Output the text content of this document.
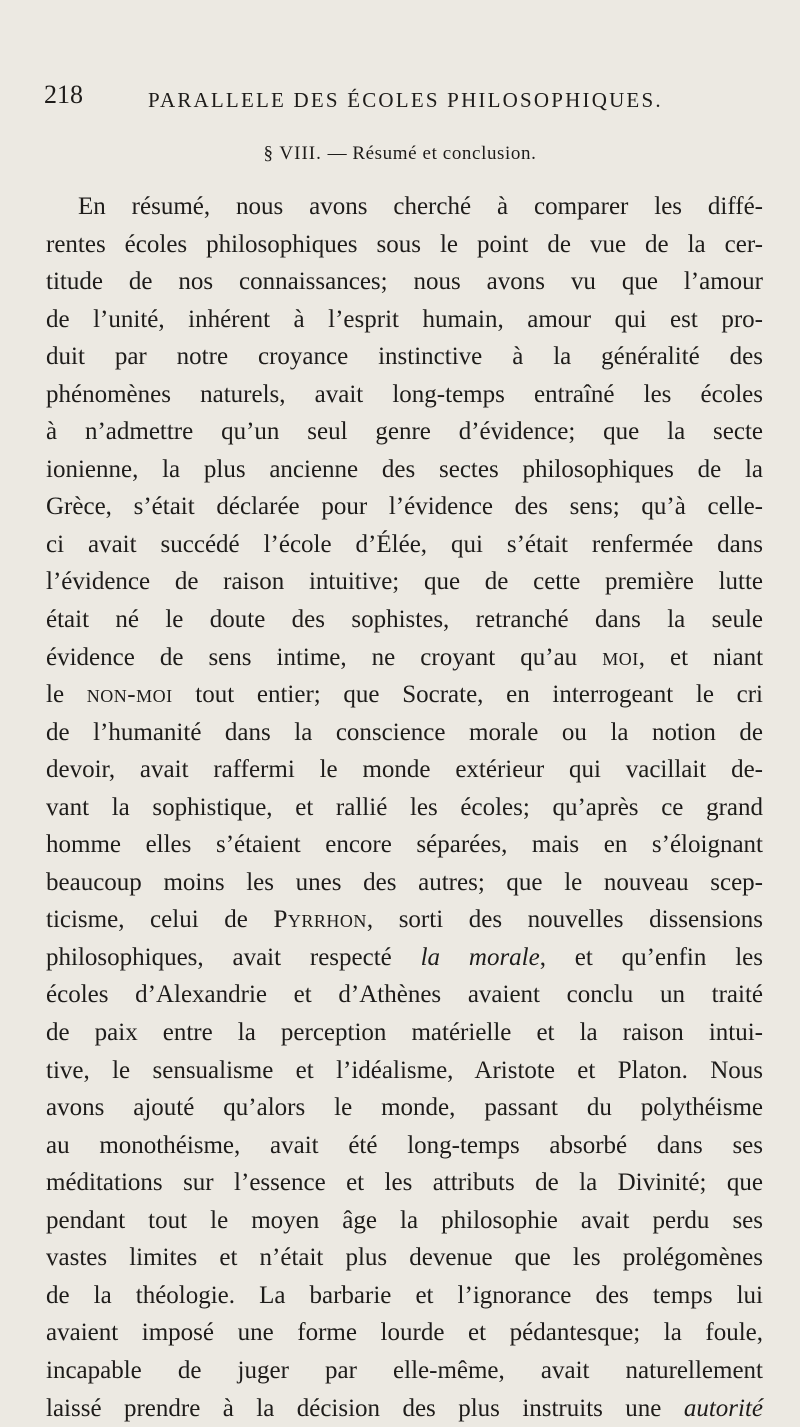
218	PARALLELE DES ÉCOLES PHILOSOPHIQUES.
§ VIII. — Résumé et conclusion.
En résumé, nous avons cherché à comparer les diffé-
rentes écoles philosophiques sous le point de vue de la cer-
titude de nos connaissances; nous avons vu que l’amour
de l’unité, inhérent à l’esprit humain, amour qui est pro-
duit par notre croyance instinctive à la généralité des
phénomènes naturels, avait long-temps entraîné les écoles
à n’admettre qu’un seul genre d’évidence; que la secte
ionienne, la plus ancienne des sectes philosophiques de la
Grèce, s’était déclarée pour l’évidence des sens; qu’à celle-
ci avait succédé l’école d’Élée, qui s’était renfermée dans
l’évidence de raison intuitive; que de cette première lutte
était né le doute des sophistes, retranché dans la seule
évidence de sens intime, ne croyant qu’au moi, et niant
le non-moi tout entier; que Socrate, en interrogeant le cri
de l’humanité dans la conscience morale ou la notion de
devoir, avait raffermi le monde extérieur qui vacillait de-
vant la sophistique, et rallié les écoles; qu’après ce grand
homme elles s’étaient encore séparées, mais en s’éloignant
beaucoup moins les unes des autres; que le nouveau scep-
ticisme, celui de Pyrrhon, sorti des nouvelles dissensions
philosophiques, avait respecté la morale, et qu’enfin les
écoles d’Alexandrie et d’Athènes avaient conclu un traité
de paix entre la perception matérielle et la raison intui-
tive, le sensualisme et l’idéalisme, Aristote et Platon. Nous
avons ajouté qu’alors le monde, passant du polythéisme
au monothéisme, avait été long-temps absorbé dans ses
méditations sur l’essence et les attributs de la Divinité; que
pendant tout le moyen âge la philosophie avait perdu ses
vastes limites et n’était plus devenue que les prolégomènes
de la théologie. La barbarie et l’ignorance des temps lui
avaient imposé une forme lourde et pédantesque; la foule,
incapable de juger par elle-même, avait naturellement
laissé prendre à la décision des plus instruits une autorité
